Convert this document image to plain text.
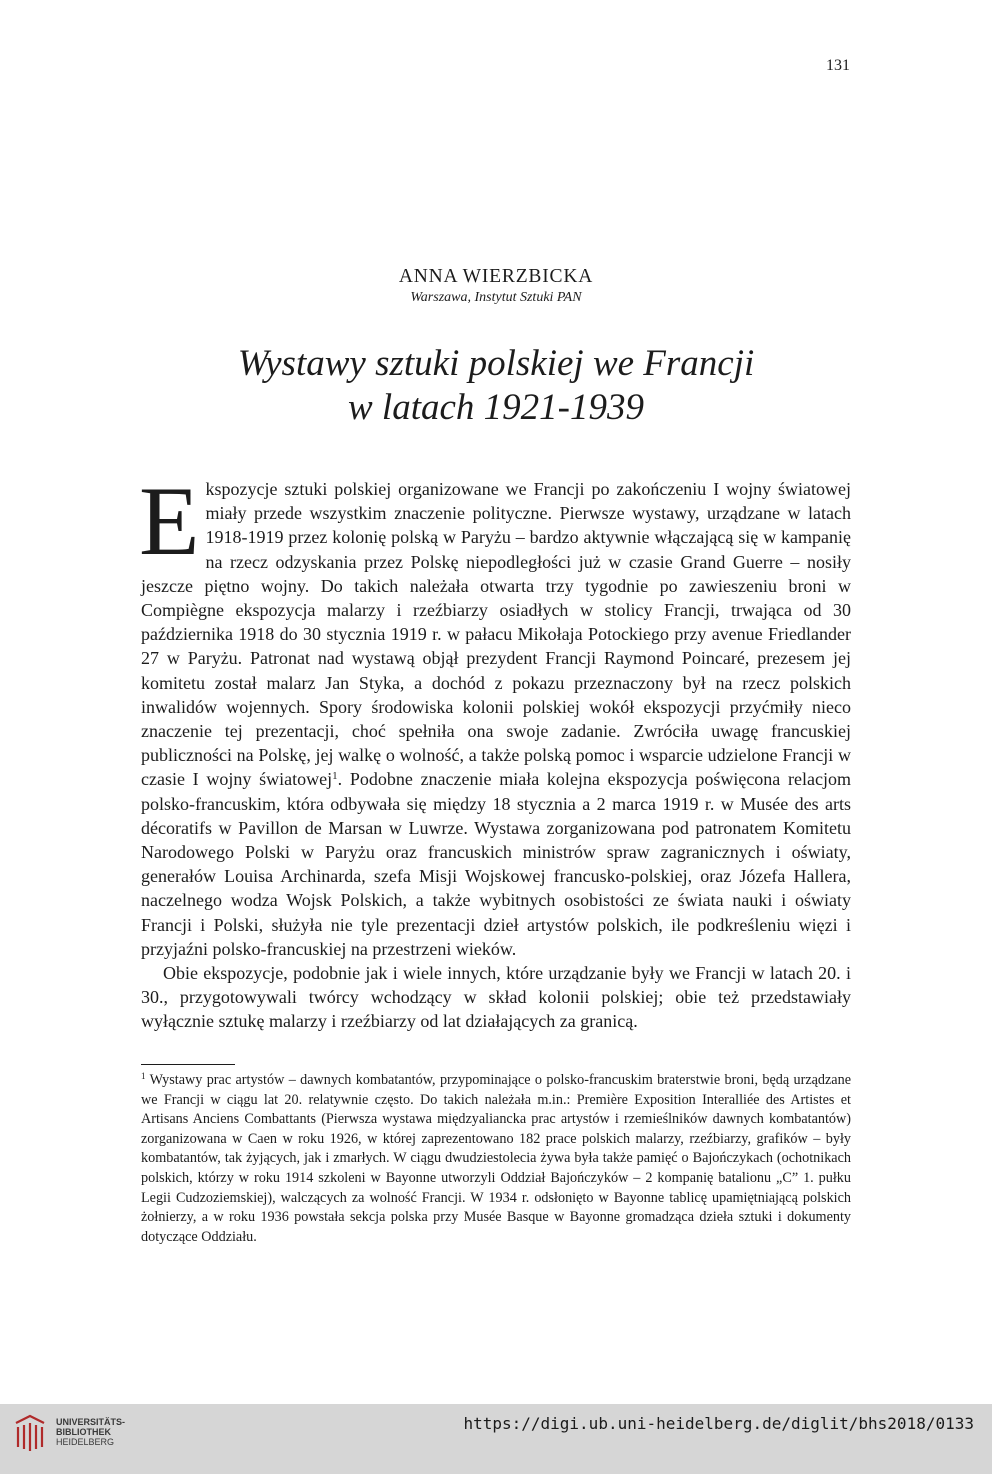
131
ANNA WIERZBICKA
Warszawa, Instytut Sztuki PAN
Wystawy sztuki polskiej we Francji
w latach 1921-1939

Ekspozycje sztuki polskiej organizowane we Francji po zakończeniu I wojny światowej miały przede wszystkim znaczenie polityczne. Pierwsze wystawy, urządzane w latach 1918-1919 przez kolonię polską w Paryżu – bardzo aktywnie włączającą się w kampanię na rzecz odzyskania przez Polskę niepodległości już w czasie Grand Guerre – nosiły jeszcze piętno wojny. Do takich należała otwarta trzy tygodnie po zawieszeniu broni w Compiègne ekspozycja malarzy i rzeźbiarzy osiadłych w stolicy Francji, trwająca od 30 października 1918 do 30 stycznia 1919 r. w pałacu Mikołaja Potockiego przy avenue Friedlander 27 w Paryżu. Patronat nad wystawą objął prezydent Francji Raymond Poincaré, prezesem jej komitetu został malarz Jan Styka, a dochód z pokazu przeznaczony był na rzecz polskich inwalidów wojennych. Spory środowiska kolonii polskiej wokół ekspozycji przyćmiły nieco znaczenie tej prezentacji, choć spełniła ona swoje zadanie. Zwróciła uwagę francuskiej publiczności na Polskę, jej walkę o wolność, a także polską pomoc i wsparcie udzielone Francji w czasie I wojny światowej$^1$. Podobne znaczenie miała kolejna ekspozycja poświęcona relacjom polsko-francuskim, która odbywała się między 18 stycznia a 2 marca 1919 r. w Musée des arts décoratifs w Pavillon de Marsan w Luwrze. Wystawa zorganizowana pod patronatem Komitetu Narodowego Polski w Paryżu oraz francuskich ministrów spraw zagranicznych i oświaty, generałów Louisa Archinarda, szefa Misji Wojskowej francusko-polskiej, oraz Józefa Hallera, naczelnego wodza Wojsk Polskich, a także wybitnych osobistości ze świata nauki i oświaty Francji i Polski, służyła nie tyle prezentacji dzieł artystów polskich, ile podkreśleniu więzi i przyjaźni polsko-francuskiej na przestrzeni wieków.

Obie ekspozycje, podobnie jak i wiele innych, które urządzanie były we Francji w latach 20. i 30., przygotowywali twórcy wchodzący w skład kolonii polskiej; obie też przedstawiały wyłącznie sztukę malarzy i rzeźbiarzy od lat działających za granicą.

$^1$ Wystawy prac artystów – dawnych kombatantów, przypominające o polsko-francuskim braterstwie broni, będą urządzane we Francji w ciągu lat 20. relatywnie często. Do takich należała m.in.: Première Exposition Interalliée des Artistes et Artisans Anciens Combattants (Pierwsza wystawa międzyaliancka prac artystów i rzemieślników dawnych kombatantów) zorganizowana w Caen w roku 1926, w której zaprezentowano 182 prace polskich malarzy, rzeźbiarzy, grafików – były kombatantów, tak żyjących, jak i zmarłych. W ciągu dwudziestolecia żywa była także pamięć o Bajończykach (ochotnikach polskich, którzy w roku 1914 szkoleni w Bayonne utworzyli Oddział Bajończyków – 2 kompanię batalionu „C” 1. pułku Legii Cudzoziemskiej), walczących za wolność Francji. W 1934 r. odsłonięto w Bayonne tablicę upamiętniającą polskich żołnierzy, a w roku 1936 powstała sekcja polska przy Musée Basque w Bayonne gromadząca dzieła sztuki i dokumenty dotyczące Oddziału.

UNIVERSITÄTS-
BIBLIOTHEK
HEIDELBERG
https://digi.ub.uni-heidelberg.de/diglit/bhs2018/0133
